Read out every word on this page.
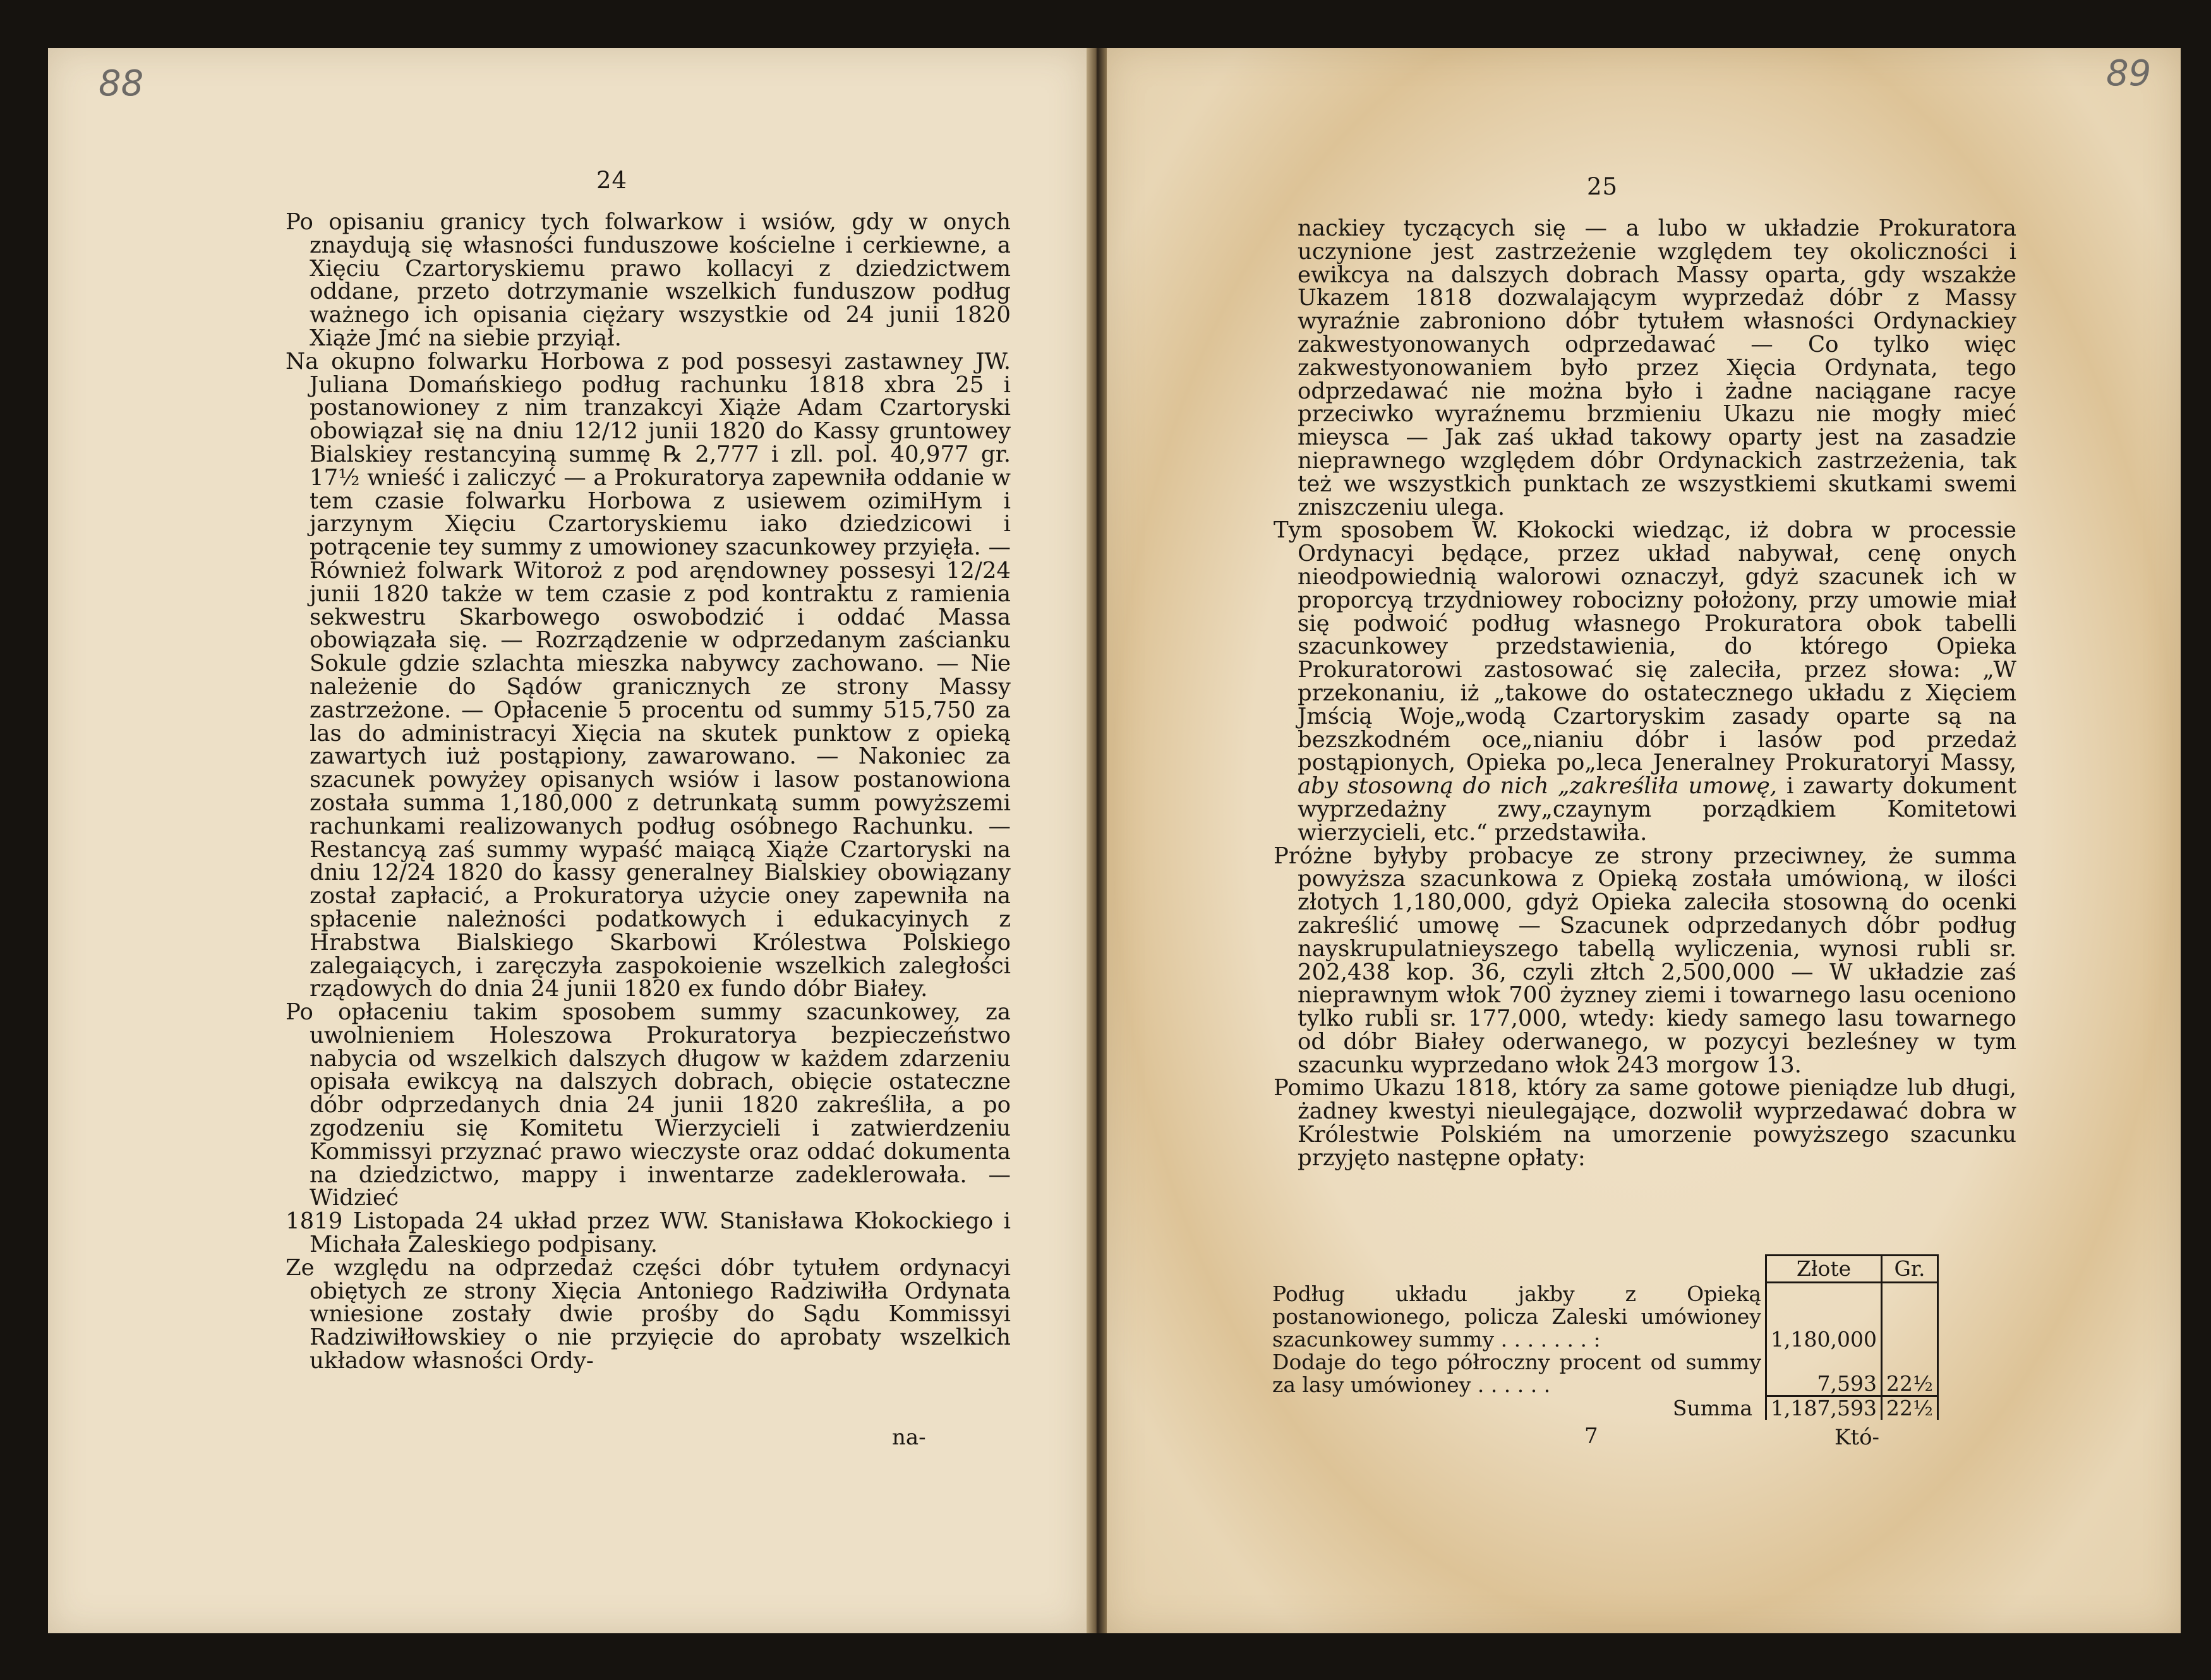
88
24

Po opisaniu granicy tych folwarkow i wsiów, gdy w onych znaydują się własności funduszowe kościelne i cerkiewne, a Xięciu Czartoryskiemu prawo kollacyi z dziedzictwem oddane, przeto dotrzymanie wszelkich funduszow podług ważnego ich opisania ciężary wszystkie od 24 junii 1820 Xiąże Jmć na siebie przyiął.

Na okupno folwarku Horbowa z pod possesyi zastawney JW. Juliana Domańskiego podług rachunku 1818 xbra 25 i postanowioney z nim tranzakcyi Xiąże Adam Czartoryski obowiązał się na dniu 12/12 junii 1820 do Kassy gruntowey Bialskiey restancyiną summę ℞ 2,777 i zll. pol. 40,977 gr. 17½ wnieść i zaliczyć — a Prokuratorya zapewniła oddanie w tem czasie folwarku Horbowa z usiewem ozimiНym i jarzynym Xięciu Czartoryskiemu iako dziedzicowi i potrącenie tey summy z umowioney szacunkowey przyięła. — Również folwark Witoroż z pod aręndowney possesyi 12/24 junii 1820 także w tem czasie z pod kontraktu z ramienia sekwestru Skarbowego oswobodzić i oddać Massa obowiązała się. — Rozrządzenie w odprzedanym zaścianku Sokule gdzie szlachta mieszka nabywcy zachowano. — Nie należenie do Sądów granicznych ze strony Massy zastrzeżone. — Opłacenie 5 procentu od summy 515,750 za las do administracyi Xięcia na skutek punktow z opieką zawartych iuż postąpiony, zawarowano. — Nakoniec za szacunek powyżey opisanych wsiów i lasow postanowiona została summa 1,180,000 z detrunkatą summ powyższemi rachunkami realizowanych podług osóbnego Rachunku. — Restancyą zaś summy wypaść maiącą Xiąże Czartoryski na dniu 12/24 1820 do kassy generalney Bialskiey obowiązany został zapłacić, a Prokuratorya użycie oney zapewniła na spłacenie należności podatkowych i edukacyinych z Hrabstwa Bialskiego Skarbowi Królestwa Polskiego zalegaiących, i zaręczyła zaspokoienie wszelkich zaległości rządowych do dnia 24 junii 1820 ex fundo dóbr Białey.

Po opłaceniu takim sposobem summy szacunkowey, za uwolnieniem Holeszowa Prokuratorya bezpieczeństwo nabycia od wszelkich dalszych długow w każdem zdarzeniu opisała ewikcyą na dalszych dobrach, obięcie ostateczne dóbr odprzedanych dnia 24 junii 1820 zakreśliła, a po zgodzeniu się Komitetu Wierzycieli i zatwierdzeniu Kommissyi przyznać prawo wieczyste oraz oddać dokumenta na dziedzictwo, mappy i inwentarze zadeklerowała. — Widzieć

1819 Listopada 24 układ przez WW. Stanisława Kłokockiego i Michała Zaleskiego podpisany.

Ze względu na odprzedaż części dóbr tytułem ordynacyi obiętych ze strony Xięcia Antoniego Radziwiłła Ordynata wniesione zostały dwie prośby do Sądu Kommissyi Radziwiłłowskiey o nie przyięcie do aprobaty wszelkich układow własności Ordy-

na-
89
25

nackiey tyczących się — a lubo w układzie Prokuratora uczynione jest zastrzeżenie względem tey okoliczności i ewikcya na dalszych dobrach Massy oparta, gdy wszakże Ukazem 1818 dozwalającym wyprzedaż dóbr z Massy wyraźnie zabroniono dóbr tytułem własności Ordynackiey zakwestyonowanych odprzedawać — Co tylko więc zakwestyonowaniem było przez Xięcia Ordynata, tego odprzedawać nie można było i żadne naciągane racye przeciwko wyraźnemu brzmieniu Ukazu nie mogły mieć mieysca — Jak zaś układ takowy oparty jest na zasadzie nieprawnego względem dóbr Ordynackich zastrzeżenia, tak też we wszystkich punktach ze wszystkiemi skutkami swemi zniszczeniu ulega.

Tym sposobem W. Kłokocki wiedząc, iż dobra w processie Ordynacyi będące, przez układ nabywał, cenę onych nieodpowiednią walorowi oznaczył, gdyż szacunek ich w proporcyą trzydniowey robocizny położony, przy umowie miał się podwoić podług własnego Prokuratora obok tabelli szacunkowey przedstawienia, do którego Opieka Prokuratorowi zastosować się zaleciła, przez słowa: „W przekonaniu, iż „takowe do ostatecznego układu z Xięciem Jmścią Woje„wodą Czartoryskim zasady oparte są na bezszkodném oce„nianiu dóbr i lasów pod przedaż postąpionych, Opieka po„leca Jeneralney Prokuratoryi Massy, aby stosowną do nich „zakreśliła umowę, i zawarty dokument wyprzedażny zwy„czaynym porządkiem Komitetowi wierzycieli, etc.“ przedstawiła.

Próżne byłyby probacye ze strony przeciwney, że summa powyższa szacunkowa z Opieką została umówioną, w ilości złotych 1,180,000, gdyż Opieka zaleciła stosowną do ocenki zakreślić umowę — Szacunek odprzedanych dóbr podług nayskrupulatnieyszego tabellą wyliczenia, wynosi rubli sr. 202,438 kop. 36, czyli złtch 2,500,000 — W układzie zaś nieprawnym włok 700 żyzney ziemi i towarnego lasu oceniono tylko rubli sr. 177,000, wtedy: kiedy samego lasu towarnego od dóbr Białey oderwanego, w pozycyi bezleśney w tym szacunku wyprzedano włok 243 morgow 13.

Pomimo Ukazu 1818, który za same gotowe pieniądze lub długi, żadney kwestyi nieulegające, dozwolił wyprzedawać dobra w Królestwie Polskiém na umorzenie powyższego szacunku przyjęto następne opłaty:

	Złote	Gr.
Podług układu jakby z Opieką postanowionego, policza Zaleski umówioney szacunkowey summy . . . . . . . :	1,180,000	
Dodaje do tego półroczny procent od summy za lasy umówioney . . . . . .	7,593	22½
Summa	1,187,593	22½
7	Któ-
